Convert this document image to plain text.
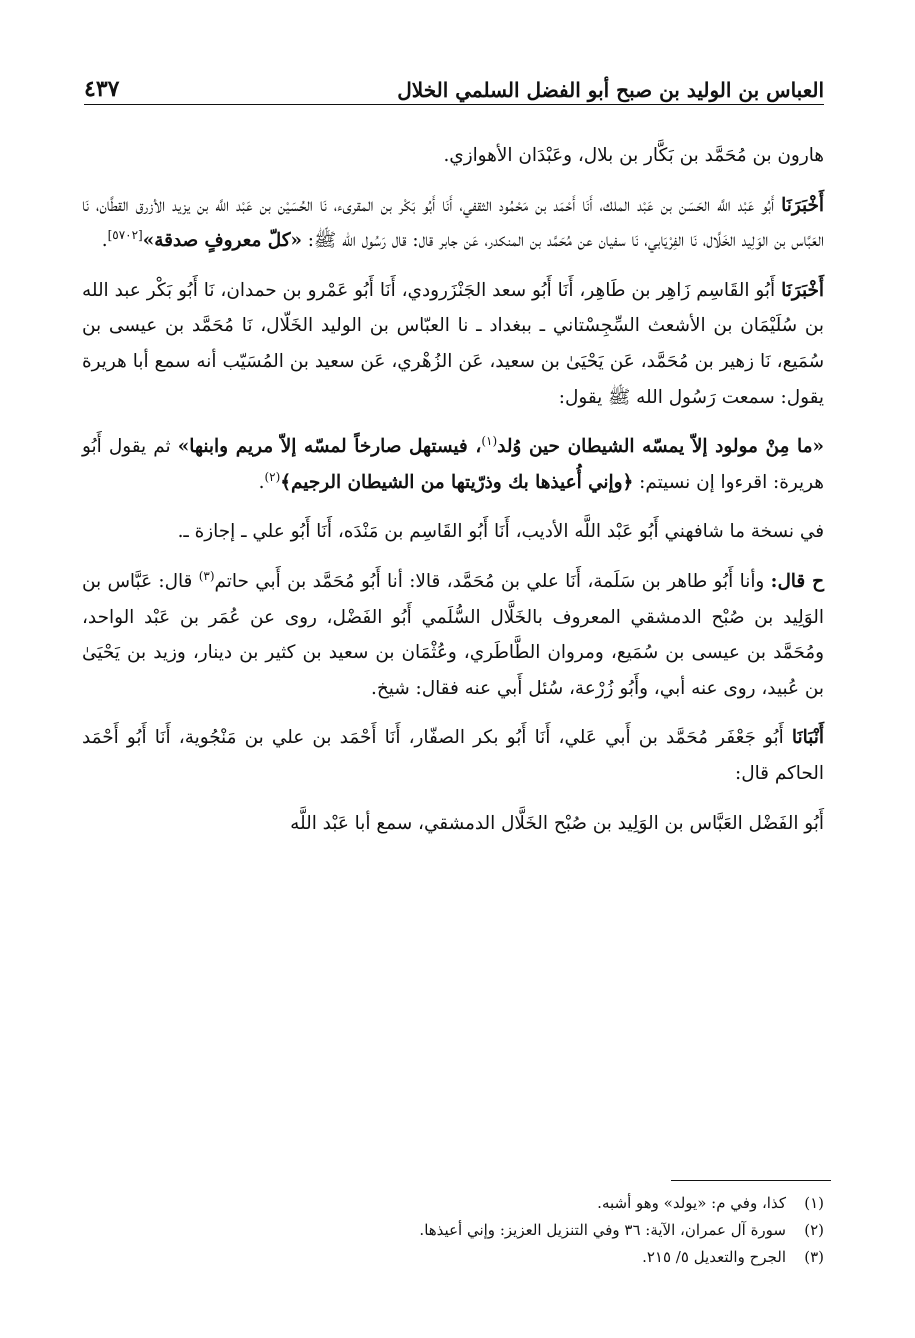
العباس بن الوليد بن صبح أبو الفضل السلمي الخلال
٤٣٧

هارون بن مُحَمَّد بن بَكَّار بن بلال، وعَبْدَان الأهوازي.

أَخْبَرَنَا أَبُو عَبْد اللَّه الحَسَن بن عَبْد الملك، أَنَا أَحْمَد بن مَحْمُود الثقفي، أَنَا أَبُو بَكْر بن المقرىء، نَا الحُسَيْن بن عَبْد اللَّه بن يزيد الأزرق القطَّان، نَا العَبَّاس بن الوَلِيد الخَلَّال، نَا الفِرْيَابي، نَا سفيان عن مُحَمَّد بن المنكدر، عَن جابر قال: قال رَسُول الله ﷺ: «كلّ معروفٍ صدقة»[٥٧٠٢].

أَخْبَرَنَا أَبُو القَاسِم زَاهِر بن طَاهِر، أَنَا أَبُو سعد الجَنْزَرودي، أَنَا أَبُو عَمْرو بن حمدان، نَا أَبُو بَكْر عبد الله بن سُلَيْمَان بن الأشعث السِّجِسْتاني ـ ببغداد ـ نا العبّاس بن الوليد الخَلّال، نَا مُحَمَّد بن عيسى بن سُمَيع، نَا زهير بن مُحَمَّد، عَن يَحْيَىٰ بن سعيد، عَن الزُهْري، عَن سعيد بن المُسَيّب أنه سمع أبا هريرة يقول: سمعت رَسُول الله ﷺ يقول:

«ما مِنْ مولود إلاّ يمسّه الشيطان حين وُلد$^{(١)}$، فيستهل صارخاً لمسّه إلاّ مريم وابنها» ثم يقول أَبُو هريرة: اقرءوا إن نسيتم: ﴿وإني أُعيذها بك وذرّيتها من الشيطان الرجيم﴾$^{(٢)}$.

في نسخة ما شافهني أَبُو عَبْد اللَّه الأديب، أَنَا أَبُو القَاسِم بن مَنْدَه، أَنَا أَبُو علي ـ إجازة ـ.

ح قال: وأنا أَبُو طاهر بن سَلَمة، أَنَا علي بن مُحَمَّد، قالا: أنا أَبُو مُحَمَّد بن أَبي حاتم$^{(٣)}$ قال: عَبَّاس بن الوَلِيد بن صُبْح الدمشقي المعروف بالخَلَّال السُّلَمي أَبُو الفَضْل، روى عن عُمَر بن عَبْد الواحد، ومُحَمَّد بن عيسى بن سُمَيع، ومروان الطَّاطَري، وعُثْمَان بن سعيد بن كثير بن دينار، وزيد بن يَحْيَىٰ بن عُبيد، روى عنه أبي، وأَبُو زُرْعة، سُئل أَبي عنه فقال: شيخ.

أَنْبَانَا أَبُو جَعْفَر مُحَمَّد بن أَبي عَلي، أَنَا أَبُو بكر الصفّار، أَنَا أَحْمَد بن علي بن مَنْجُوية، أَنَا أَبُو أَحْمَد الحاكم قال:

أَبُو الفَضْل العَبَّاس بن الوَلِيد بن صُبْح الخَلَّال الدمشقي، سمع أبا عَبْد اللَّه

(١)
كذا، وفي م: «يولد» وهو أشبه.
(٢)
سورة آل عمران، الآية: ٣٦ وفي التنزيل العزيز: وإني أعيذها.
(٣)
الجرح والتعديل ٥/ ٢١٥.
